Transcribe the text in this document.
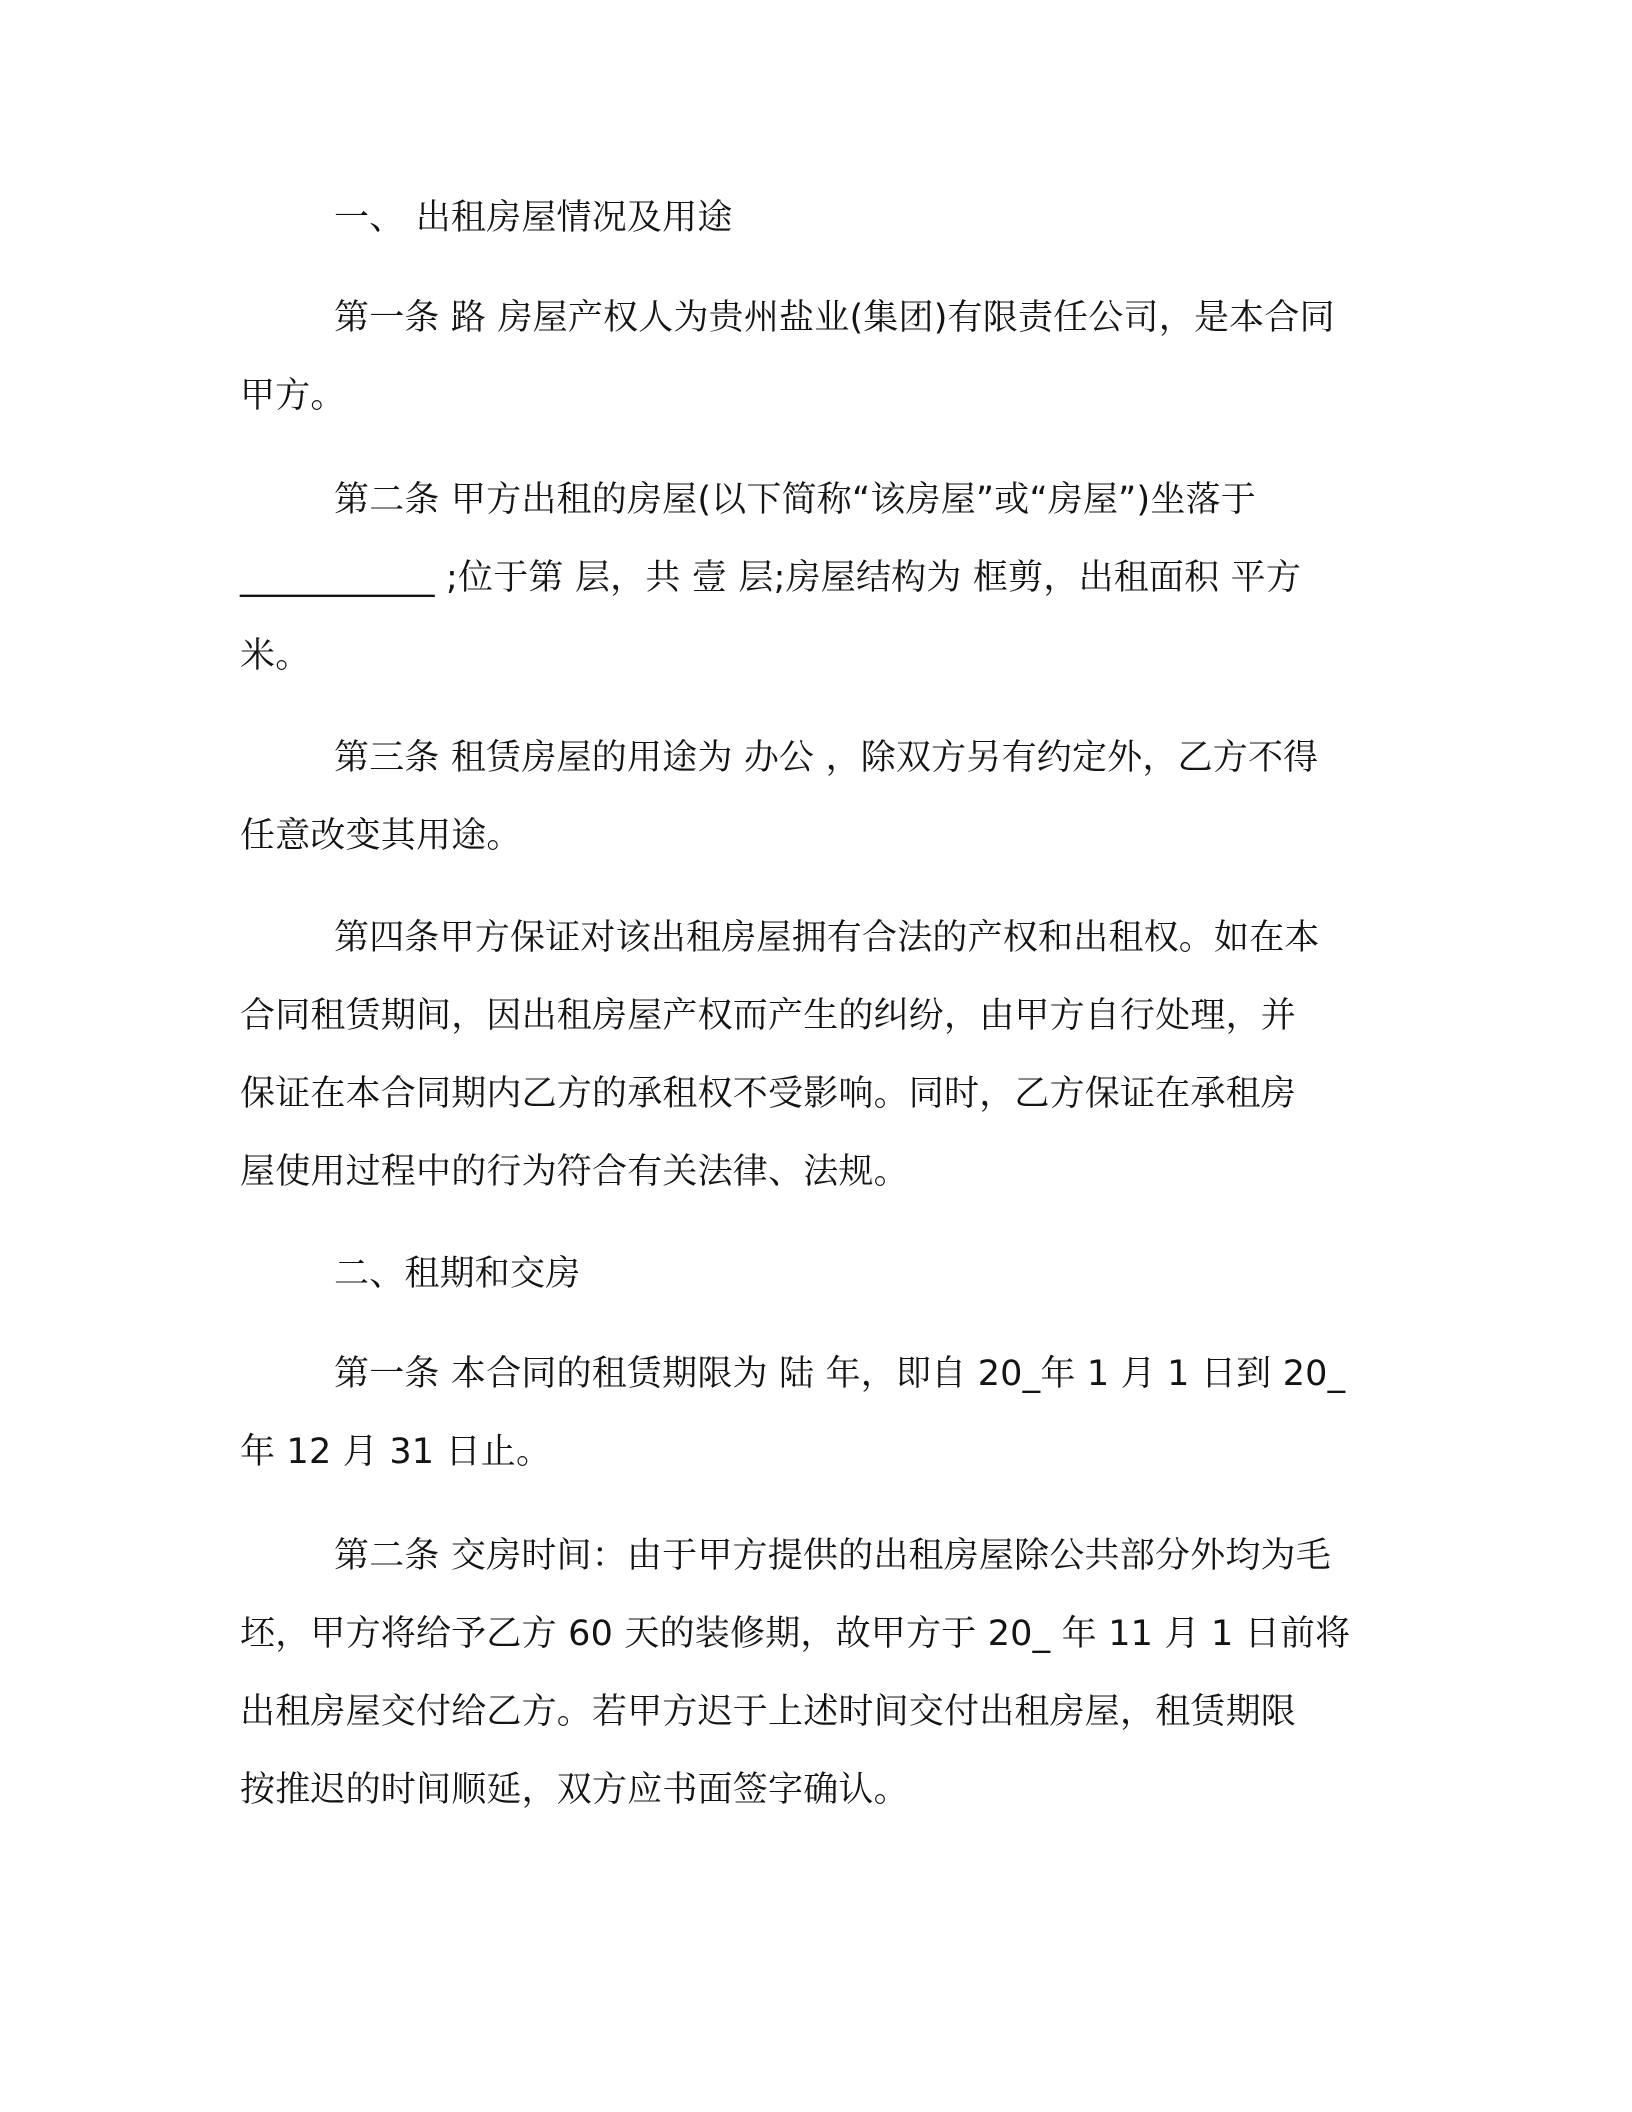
一、 出租房屋情况及用途
第一条 路 房屋产权人为贵州盐业(集团)有限责任公司，是本合同
甲方。
第二条 甲方出租的房屋(以下简称“该房屋”或“房屋”)坐落于
___________ ;位于第 层，共 壹 层;房屋结构为 框剪，出租面积 平方
米。
第三条 租赁房屋的用途为 办公 ，除双方另有约定外，乙方不得
任意改变其用途。
第四条甲方保证对该出租房屋拥有合法的产权和出租权。如在本
合同租赁期间，因出租房屋产权而产生的纠纷，由甲方自行处理，并
保证在本合同期内乙方的承租权不受影响。同时，乙方保证在承租房
屋使用过程中的行为符合有关法律、法规。
二、租期和交房
第一条 本合同的租赁期限为 陆 年，即自 20_年 1 月 1 日到 20_
年 12 月 31 日止。
第二条 交房时间：由于甲方提供的出租房屋除公共部分外均为毛
坯，甲方将给予乙方 60 天的装修期，故甲方于 20_ 年 11 月 1 日前将
出租房屋交付给乙方。若甲方迟于上述时间交付出租房屋，租赁期限
按推迟的时间顺延，双方应书面签字确认。
